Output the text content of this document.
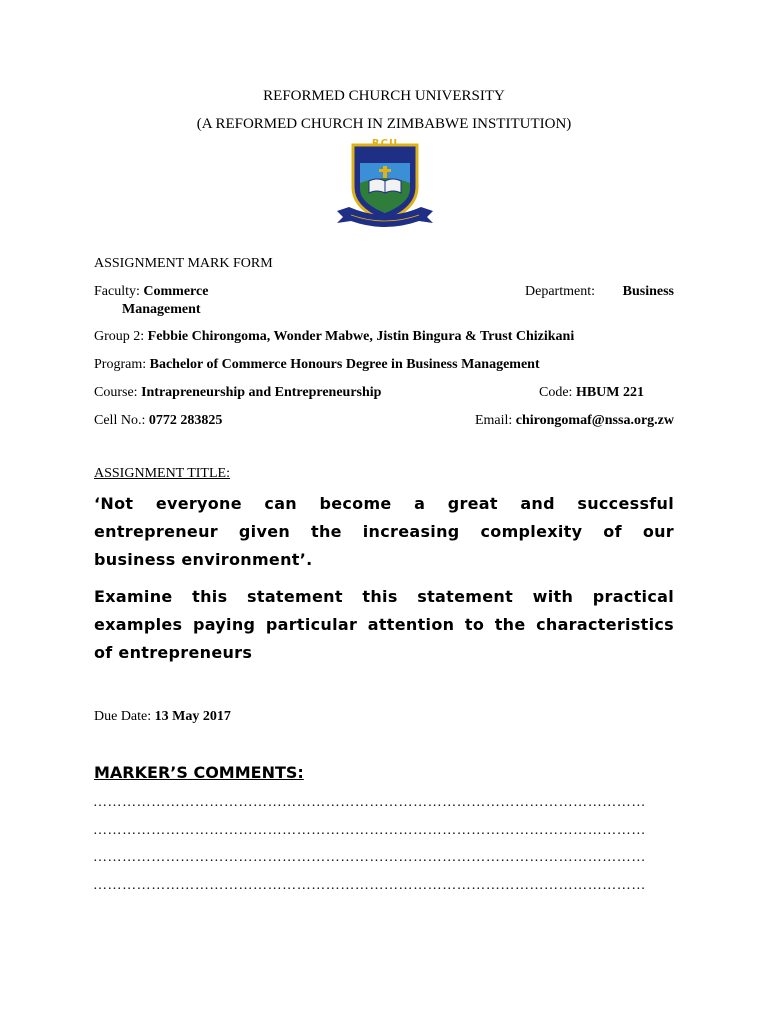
REFORMED CHURCH UNIVERSITY
(A REFORMED CHURCH IN ZIMBABWE INSTITUTION)
RCU
ASSIGNMENT MARK FORM
Faculty: Commerce
Management
Department:	Business
Group 2: Febbie Chirongoma, Wonder Mabwe, Jistin Bingura & Trust Chizikani
Program: Bachelor of Commerce Honours Degree in Business Management
Course: Intrapreneurship and Entrepreneurship	Code: HBUM 221
Cell No.: 0772 283825	Email: chirongomaf@nssa.org.zw
ASSIGNMENT TITLE:
‘Not everyone can become a great and successful
entrepreneur given the increasing complexity of our
business environment’.
Examine this statement this statement with practical
examples paying particular attention to the characteristics
of entrepreneurs
Due Date: 13 May 2017
MARKER’S COMMENTS:
……………………………………………………………………………………………………
……………………………………………………………………………………………………
……………………………………………………………………………………………………
……………………………………………………………………………………………………
